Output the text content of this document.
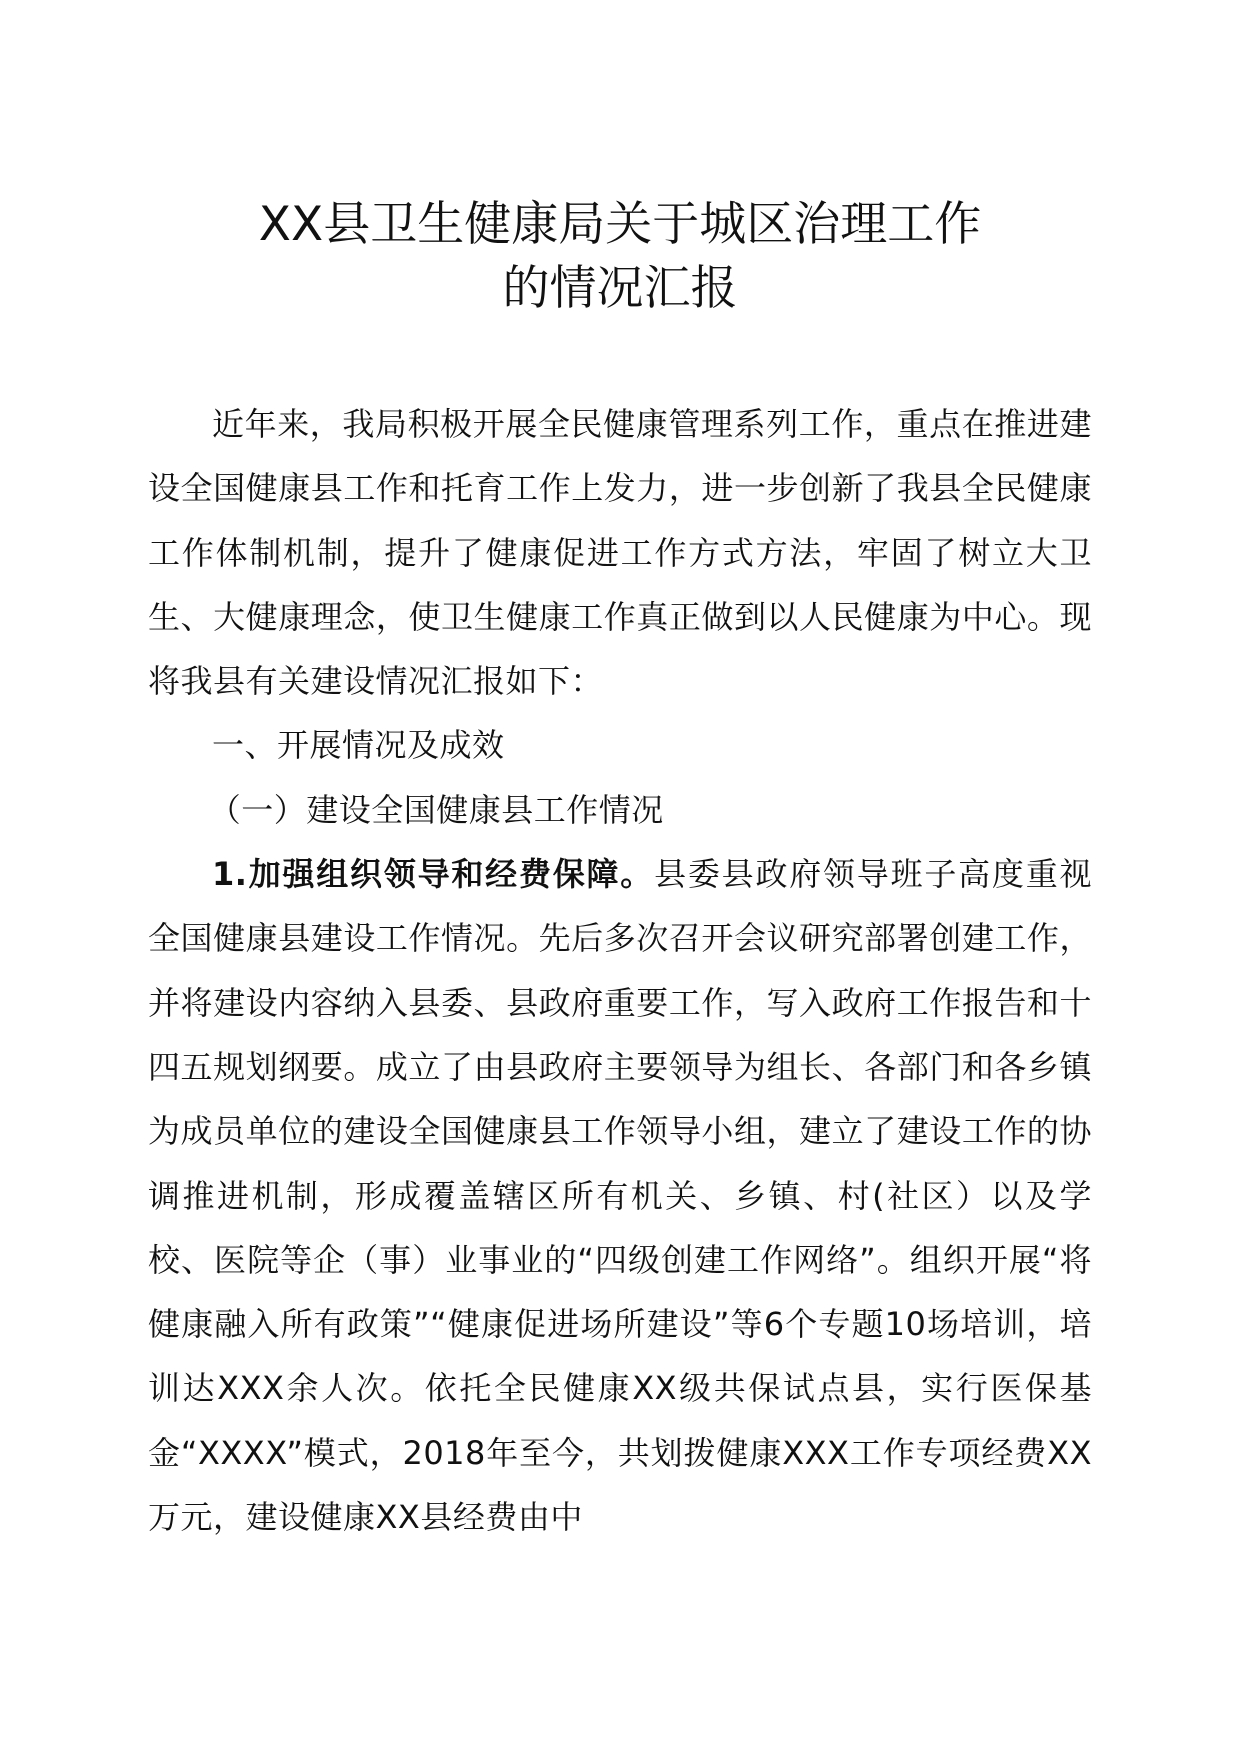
XX县卫生健康局关于城区治理工作
的情况汇报

近年来，我局积极开展全民健康管理系列工作，重点在推进建设全国健康县工作和托育工作上发力，进一步创新了我县全民健康工作体制机制，提升了健康促进工作方式方法，牢固了树立大卫生、大健康理念，使卫生健康工作真正做到以人民健康为中心。现将我县有关建设情况汇报如下：

一、开展情况及成效

（一）建设全国健康县工作情况

1.加强组织领导和经费保障。县委县政府领导班子高度重视全国健康县建设工作情况。先后多次召开会议研究部署创建工作，并将建设内容纳入县委、县政府重要工作，写入政府工作报告和十四五规划纲要。成立了由县政府主要领导为组长、各部门和各乡镇为成员单位的建设全国健康县工作领导小组，建立了建设工作的协调推进机制，形成覆盖辖区所有机关、乡镇、村(社区）以及学校、医院等企（事）业事业的“四级创建工作网络”。组织开展“将健康融入所有政策”“健康促进场所建设”等6个专题10场培训，培训达XXX余人次。依托全民健康XX级共保试点县，实行医保基金“XXXX”模式，2018年至今，共划拨健康XXX工作专项经费XX万元，建设健康XX县经费由中
